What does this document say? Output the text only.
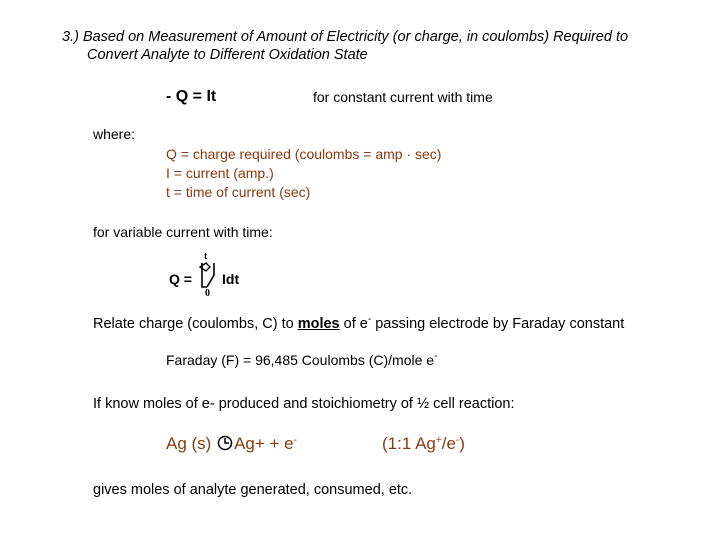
3.) Based on Measurement of Amount of Electricity (or charge, in coulombs) Required to
Convert Analyte to Different Oxidation State
- Q = It	for constant current with time
where:
Q = charge required (coulombs = amp · sec)
I = current (amp.)
t = time of current (sec)
for variable current with time:
Q =
t
0
Idt
Relate charge (coulombs, C) to moles of e- passing electrode by Faraday constant
Faraday (F) = 96,485 Coulombs (C)/mole e-
If know moles of e- produced and stoichiometry of ½ cell reaction:
Ag (s) Ag+ + e-	(1:1 Ag+/e-)
gives moles of analyte generated, consumed, etc.
